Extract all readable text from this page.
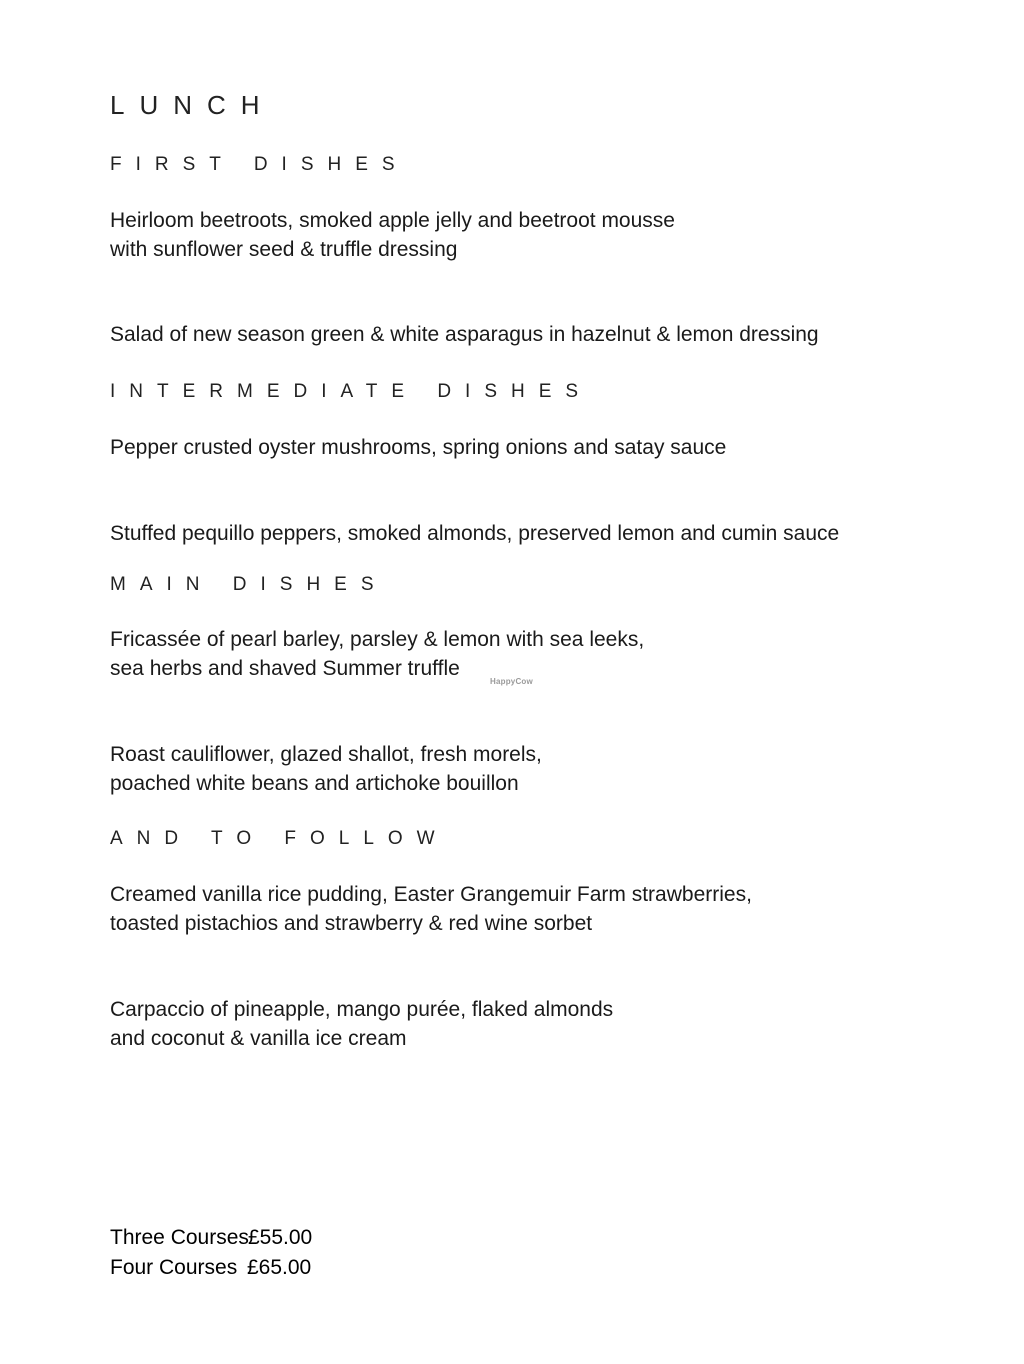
LUNCH
FIRST DISHES
Heirloom beetroots, smoked apple jelly and beetroot mousse
with sunflower seed & truffle dressing
Salad of new season green & white asparagus in hazelnut & lemon dressing
INTERMEDIATE DISHES
Pepper crusted oyster mushrooms, spring onions and satay sauce
Stuffed pequillo peppers, smoked almonds, preserved lemon and cumin sauce
MAIN DISHES
Fricassée of pearl barley, parsley & lemon with sea leeks,
sea herbs and shaved Summer truffle
HappyCow
Roast cauliflower, glazed shallot, fresh morels,
poached white beans and artichoke bouillon
AND TO FOLLOW
Creamed vanilla rice pudding, Easter Grangemuir Farm strawberries,
toasted pistachios and strawberry & red wine sorbet
Carpaccio of pineapple, mango purée, flaked almonds
and coconut & vanilla ice cream
Three Courses£55.00
Four Courses £65.00
